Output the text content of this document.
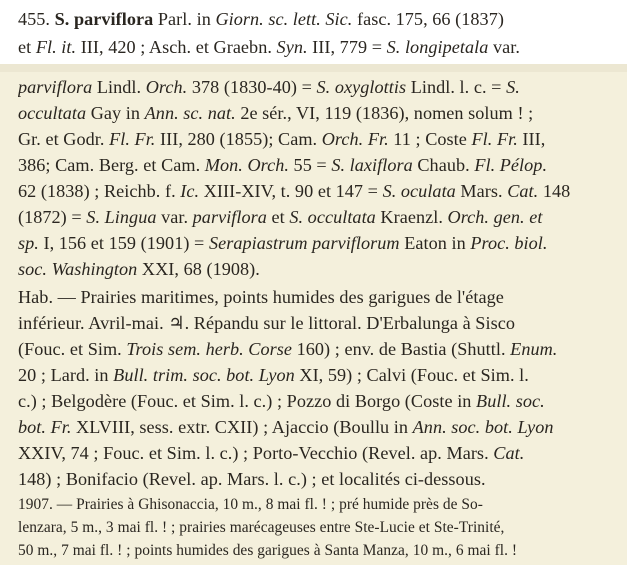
455. S. parviflora Parl. in Giorn. sc. lett. Sic. fasc. 175, 66 (1837)
et Fl. it. III, 420 ; Asch. et Graebn. Syn. III, 779 = S. longipetala var.
parviflora Lindl. Orch. 378 (1830-40) = S. oxyglottis Lindl. l. c. = S.
occultata Gay in Ann. sc. nat. 2e sér., VI, 119 (1836), nomen solum ! ;
Gr. et Godr. Fl. Fr. III, 280 (1855); Cam. Orch. Fr. 11 ; Coste Fl. Fr. III,
386; Cam. Berg. et Cam. Mon. Orch. 55 = S. laxiflora Chaub. Fl. Pélop.
62 (1838) ; Reichb. f. Ic. XIII-XIV, t. 90 et 147 = S. oculata Mars. Cat. 148
(1872) = S. Lingua var. parviflora et S. occultata Kraenzl. Orch. gen. et
sp. I, 156 et 159 (1901) = Serapiastrum parviflorum Eaton in Proc. biol.
soc. Washington XXI, 68 (1908).
Hab. — Prairies maritimes, points humides des garigues de l'étage
inférieur. Avril-mai. ♃. Répandu sur le littoral. D'Erbalunga à Sisco
(Fouc. et Sim. Trois sem. herb. Corse 160) ; env. de Bastia (Shuttl. Enum.
20 ; Lard. in Bull. trim. soc. bot. Lyon XI, 59) ; Calvi (Fouc. et Sim. l.
c.) ; Belgodère (Fouc. et Sim. l. c.) ; Pozzo di Borgo (Coste in Bull. soc.
bot. Fr. XLVIII, sess. extr. CXII) ; Ajaccio (Boullu in Ann. soc. bot. Lyon
XXIV, 74 ; Fouc. et Sim. l. c.) ; Porto-Vecchio (Revel. ap. Mars. Cat.
148) ; Bonifacio (Revel. ap. Mars. l. c.) ; et localités ci-dessous.
1907. — Prairies à Ghisonaccia, 10 m., 8 mai fl. ! ; pré humide près de So-
lenzara, 5 m., 3 mai fl. ! ; prairies marécageuses entre Ste-Lucie et Ste-Trinité,
50 m., 7 mai fl. ! ; points humides des garigues à Santa Manza, 10 m., 6 mai fl. !
